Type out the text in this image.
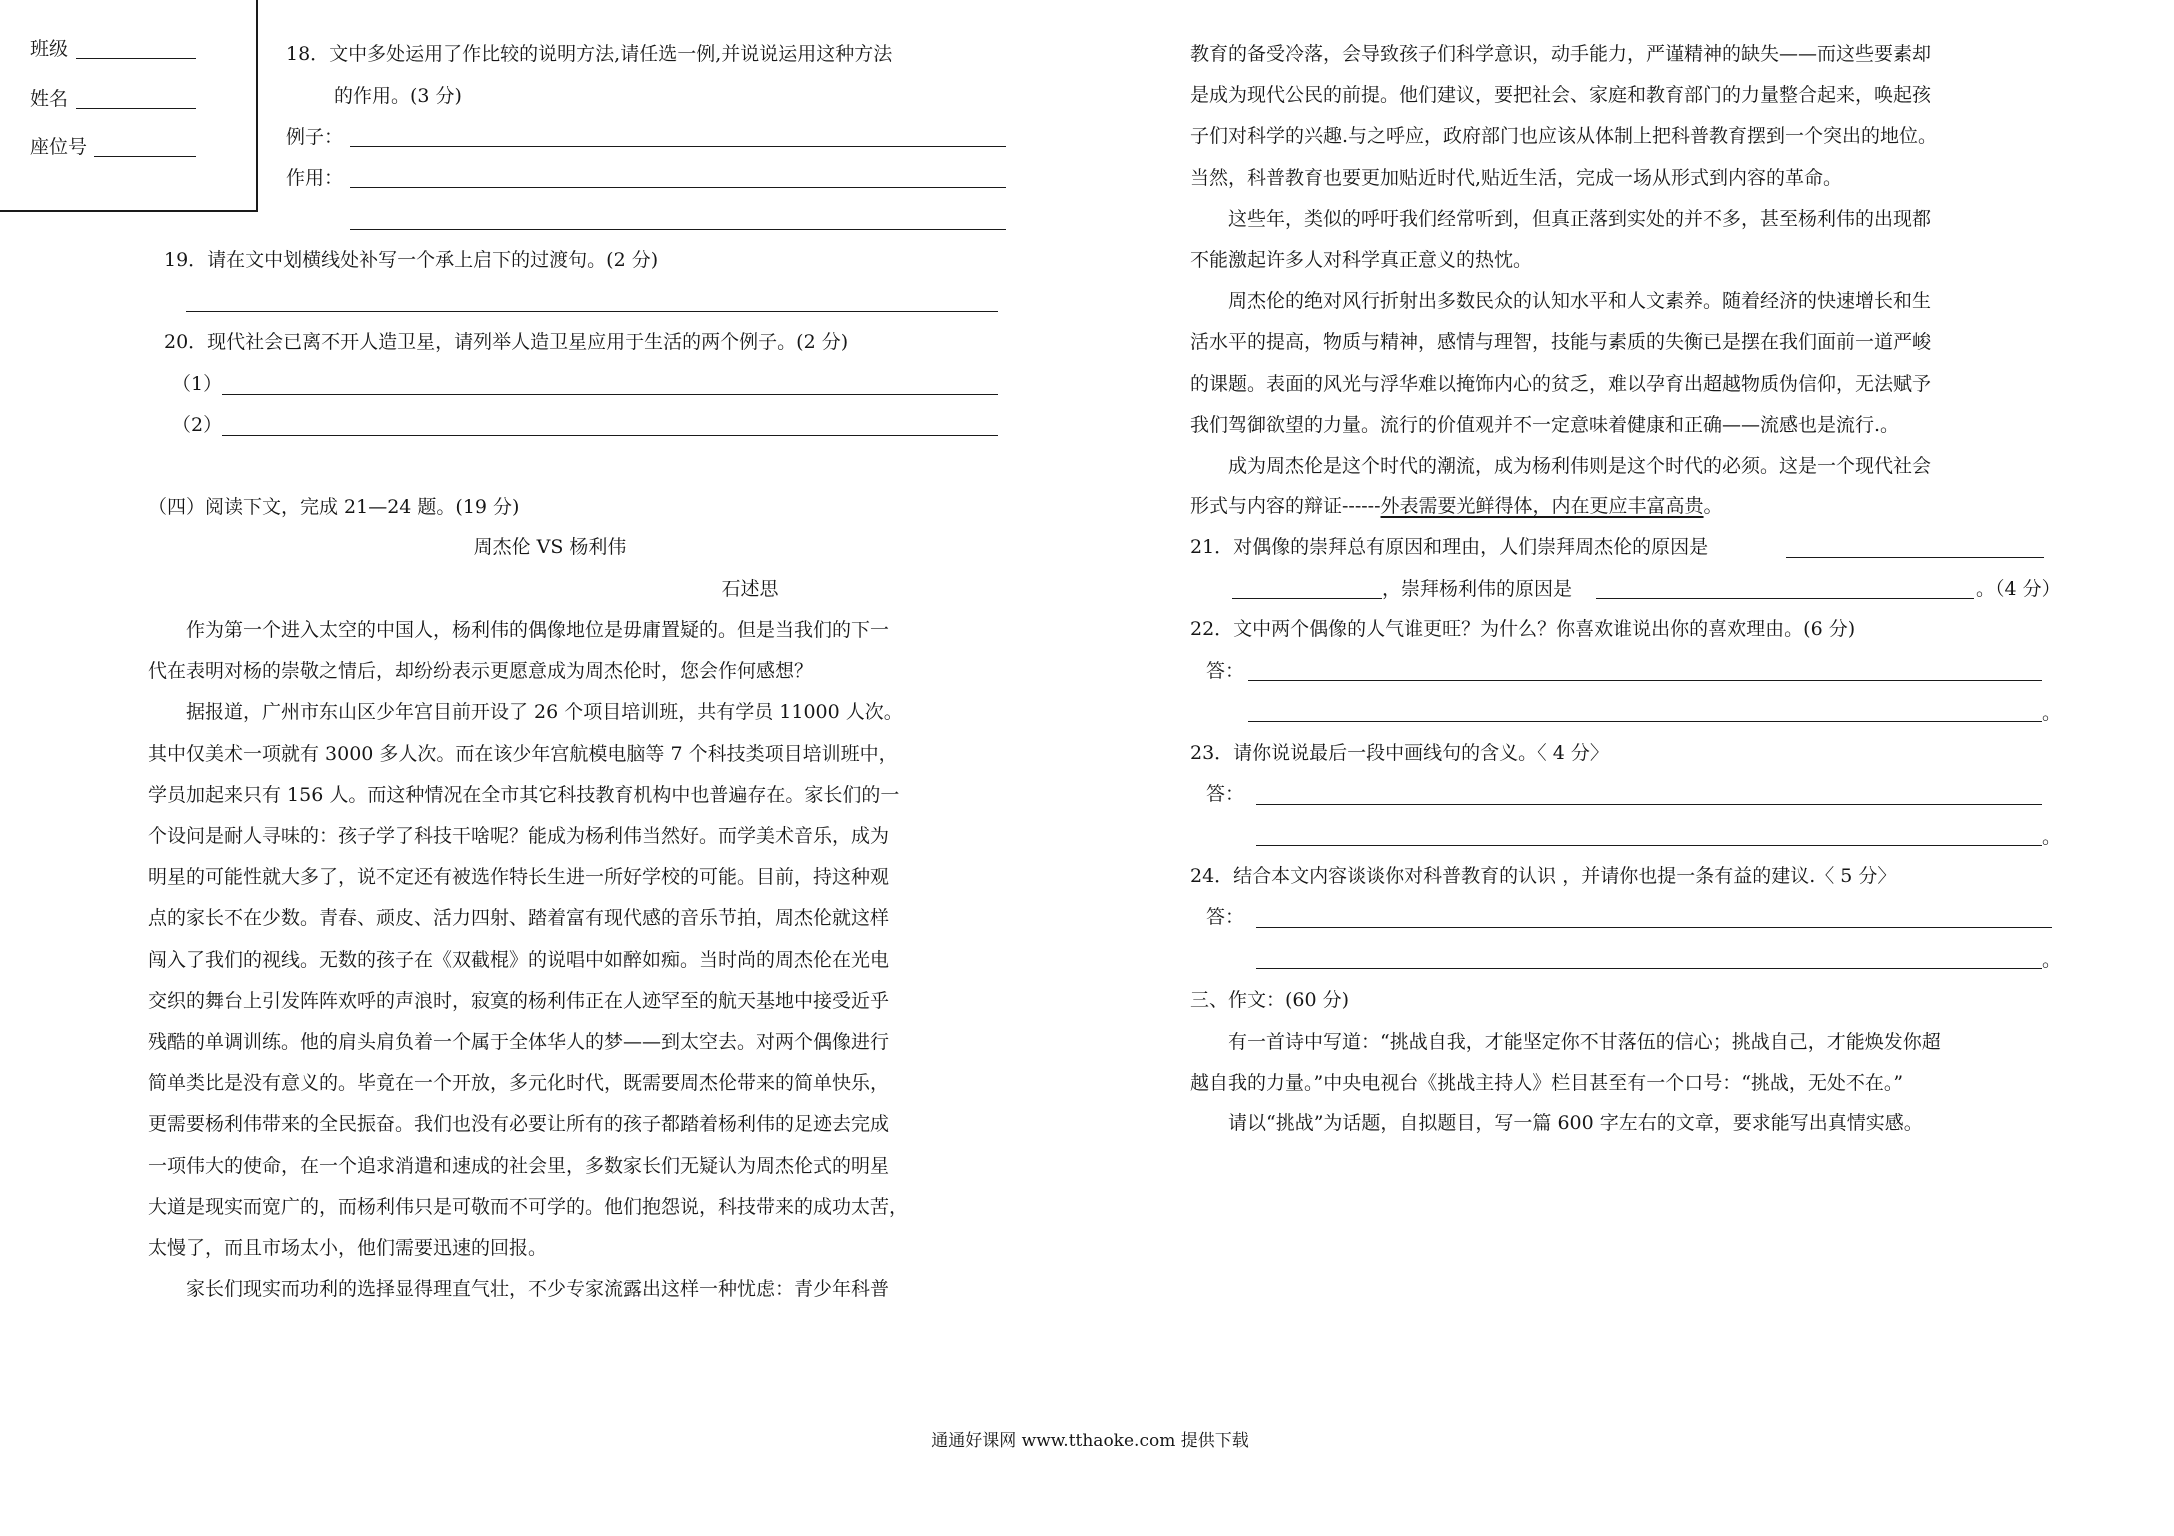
班级
姓名
座位号
18．文中多处运用了作比较的说明方法,请任选一例,并说说运用这种方法
的作用。(3 分)
例子：
作用：
19．请在文中划横线处补写一个承上启下的过渡句。(2 分)
20．现代社会已离不开人造卫星，请列举人造卫星应用于生活的两个例子。(2 分)
（1）
（2）
（四）阅读下文，完成 21—24 题。(19 分)
周杰伦 VS 杨利伟
石述思
　　作为第一个进入太空的中国人，杨利伟的偶像地位是毋庸置疑的。但是当我们的下一
代在表明对杨的崇敬之情后，却纷纷表示更愿意成为周杰伦时，您会作何感想？
　　据报道，广州市东山区少年宫目前开设了 26 个项目培训班，共有学员 11000 人次。
其中仅美术一项就有 3000 多人次。而在该少年宫航模电脑等 7 个科技类项目培训班中，
学员加起来只有 156 人。而这种情况在全市其它科技教育机构中也普遍存在。家长们的一
个设问是耐人寻味的：孩子学了科技干啥呢？能成为杨利伟当然好。而学美术音乐，成为
明星的可能性就大多了，说不定还有被选作特长生进一所好学校的可能。目前，持这种观
点的家长不在少数。青春、顽皮、活力四射、踏着富有现代感的音乐节拍，周杰伦就这样
闯入了我们的视线。无数的孩子在《双截棍》的说唱中如醉如痴。当时尚的周杰伦在光电
交织的舞台上引发阵阵欢呼的声浪时，寂寞的杨利伟正在人迹罕至的航天基地中接受近乎
残酷的单调训练。他的肩头肩负着一个属于全体华人的梦——到太空去。对两个偶像进行
简单类比是没有意义的。毕竟在一个开放，多元化时代，既需要周杰伦带来的简单快乐，
更需要杨利伟带来的全民振奋。我们也没有必要让所有的孩子都踏着杨利伟的足迹去完成
一项伟大的使命，在一个追求消遣和速成的社会里，多数家长们无疑认为周杰伦式的明星
大道是现实而宽广的，而杨利伟只是可敬而不可学的。他们抱怨说，科技带来的成功太苦，
太慢了，而且市场太小，他们需要迅速的回报。
　　家长们现实而功利的选择显得理直气壮，不少专家流露出这样一种忧虑：青少年科普
教育的备受冷落，会导致孩子们科学意识，动手能力，严谨精神的缺失——而这些要素却
是成为现代公民的前提。他们建议，要把社会、家庭和教育部门的力量整合起来，唤起孩
子们对科学的兴趣.与之呼应，政府部门也应该从体制上把科普教育摆到一个突出的地位。
当然，科普教育也要更加贴近时代,贴近生活，完成一场从形式到内容的革命。
　　这些年，类似的呼吁我们经常听到，但真正落到实处的并不多，甚至杨利伟的出现都
不能激起许多人对科学真正意义的热忱。
　　周杰伦的绝对风行折射出多数民众的认知水平和人文素养。随着经济的快速增长和生
活水平的提高，物质与精神，感情与理智，技能与素质的失衡已是摆在我们面前一道严峻
的课题。表面的风光与浮华难以掩饰内心的贫乏，难以孕育出超越物质伪信仰，无法赋予
我们驾御欲望的力量。流行的价值观并不一定意味着健康和正确——流感也是流行.。
　　成为周杰伦是这个时代的潮流，成为杨利伟则是这个时代的必须。这是一个现代社会
形式与内容的辩证------外表需要光鲜得体，内在更应丰富高贵。
21．对偶像的崇拜总有原因和理由，人们崇拜周杰伦的原因是
，崇拜杨利伟的原因是	。（4 分）
22．文中两个偶像的人气谁更旺？为什么？你喜欢谁说出你的喜欢理由。(6 分)
答：
。
23．请你说说最后一段中画线句的含义。〈 4 分〉
答：
。
24．结合本文内容谈谈你对科普教育的认识 ，并请你也提一条有益的建议.〈 5 分〉
答：
。
三、作文：(60 分)
　　有一首诗中写道：“挑战自我，才能坚定你不甘落伍的信心；挑战自己，才能焕发你超
越自我的力量。”中央电视台《挑战主持人》栏目甚至有一个口号：“挑战，无处不在。”
　　请以“挑战”为话题，自拟题目，写一篇 600 字左右的文章，要求能写出真情实感。
通通好课网 www.tthaoke.com 提供下载
